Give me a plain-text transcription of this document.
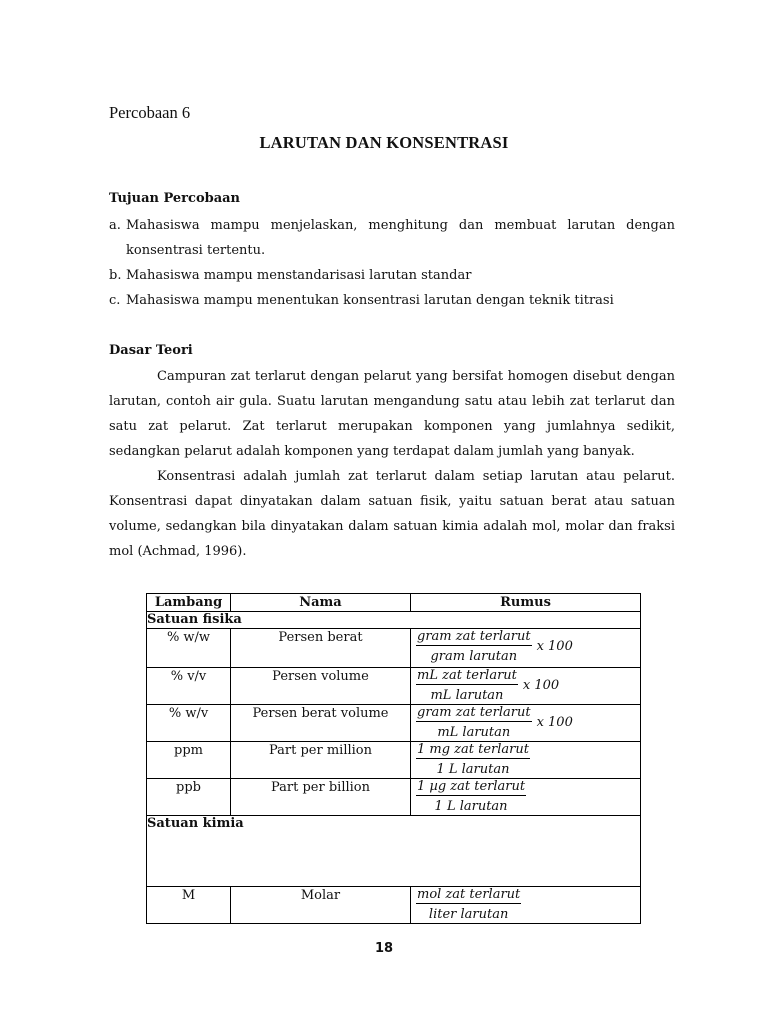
Percobaan 6
LARUTAN DAN KONSENTRASI
Tujuan Percobaan
a. Mahasiswa mampu menjelaskan, menghitung dan membuat larutan dengan konsentrasi tertentu.
b. Mahasiswa mampu menstandarisasi larutan standar
c. Mahasiswa mampu menentukan konsentrasi larutan dengan teknik titrasi
Dasar Teori
Campuran zat terlarut dengan pelarut yang bersifat homogen disebut dengan larutan, contoh air gula. Suatu larutan mengandung satu atau lebih zat terlarut dan satu zat pelarut. Zat terlarut merupakan komponen yang jumlahnya sedikit, sedangkan pelarut adalah komponen yang terdapat dalam jumlah yang banyak.
Konsentrasi adalah jumlah zat terlarut dalam setiap larutan atau pelarut. Konsentrasi dapat dinyatakan dalam satuan fisik, yaitu satuan berat atau satuan volume, sedangkan bila dinyatakan dalam satuan kimia adalah mol, molar dan fraksi mol (Achmad, 1996).
Lambang	Nama	Rumus
Satuan fisika		
% w/w	Persen berat	$\frac{\text{gram zat terlarut}}{\text{gram larutan}}$ x 100

% v/v	Persen volume	$\frac{\text{mL zat terlarut}}{\text{mL larutan}}$ x 100

% w/v	Persen berat volume	$\frac{\text{gram zat terlarut}}{\text{mL larutan}}$ x 100

ppm	Part per million	$\frac{\text{1 mg zat terlarut}}{\text{1 L larutan}}$

ppb	Part per billion	$\frac{\text{1 µg zat terlarut}}{\text{1 L larutan}}$

Satuan kimia		
M	Molar	$\frac{\text{mol zat terlarut}}{\text{liter larutan}}$
18
